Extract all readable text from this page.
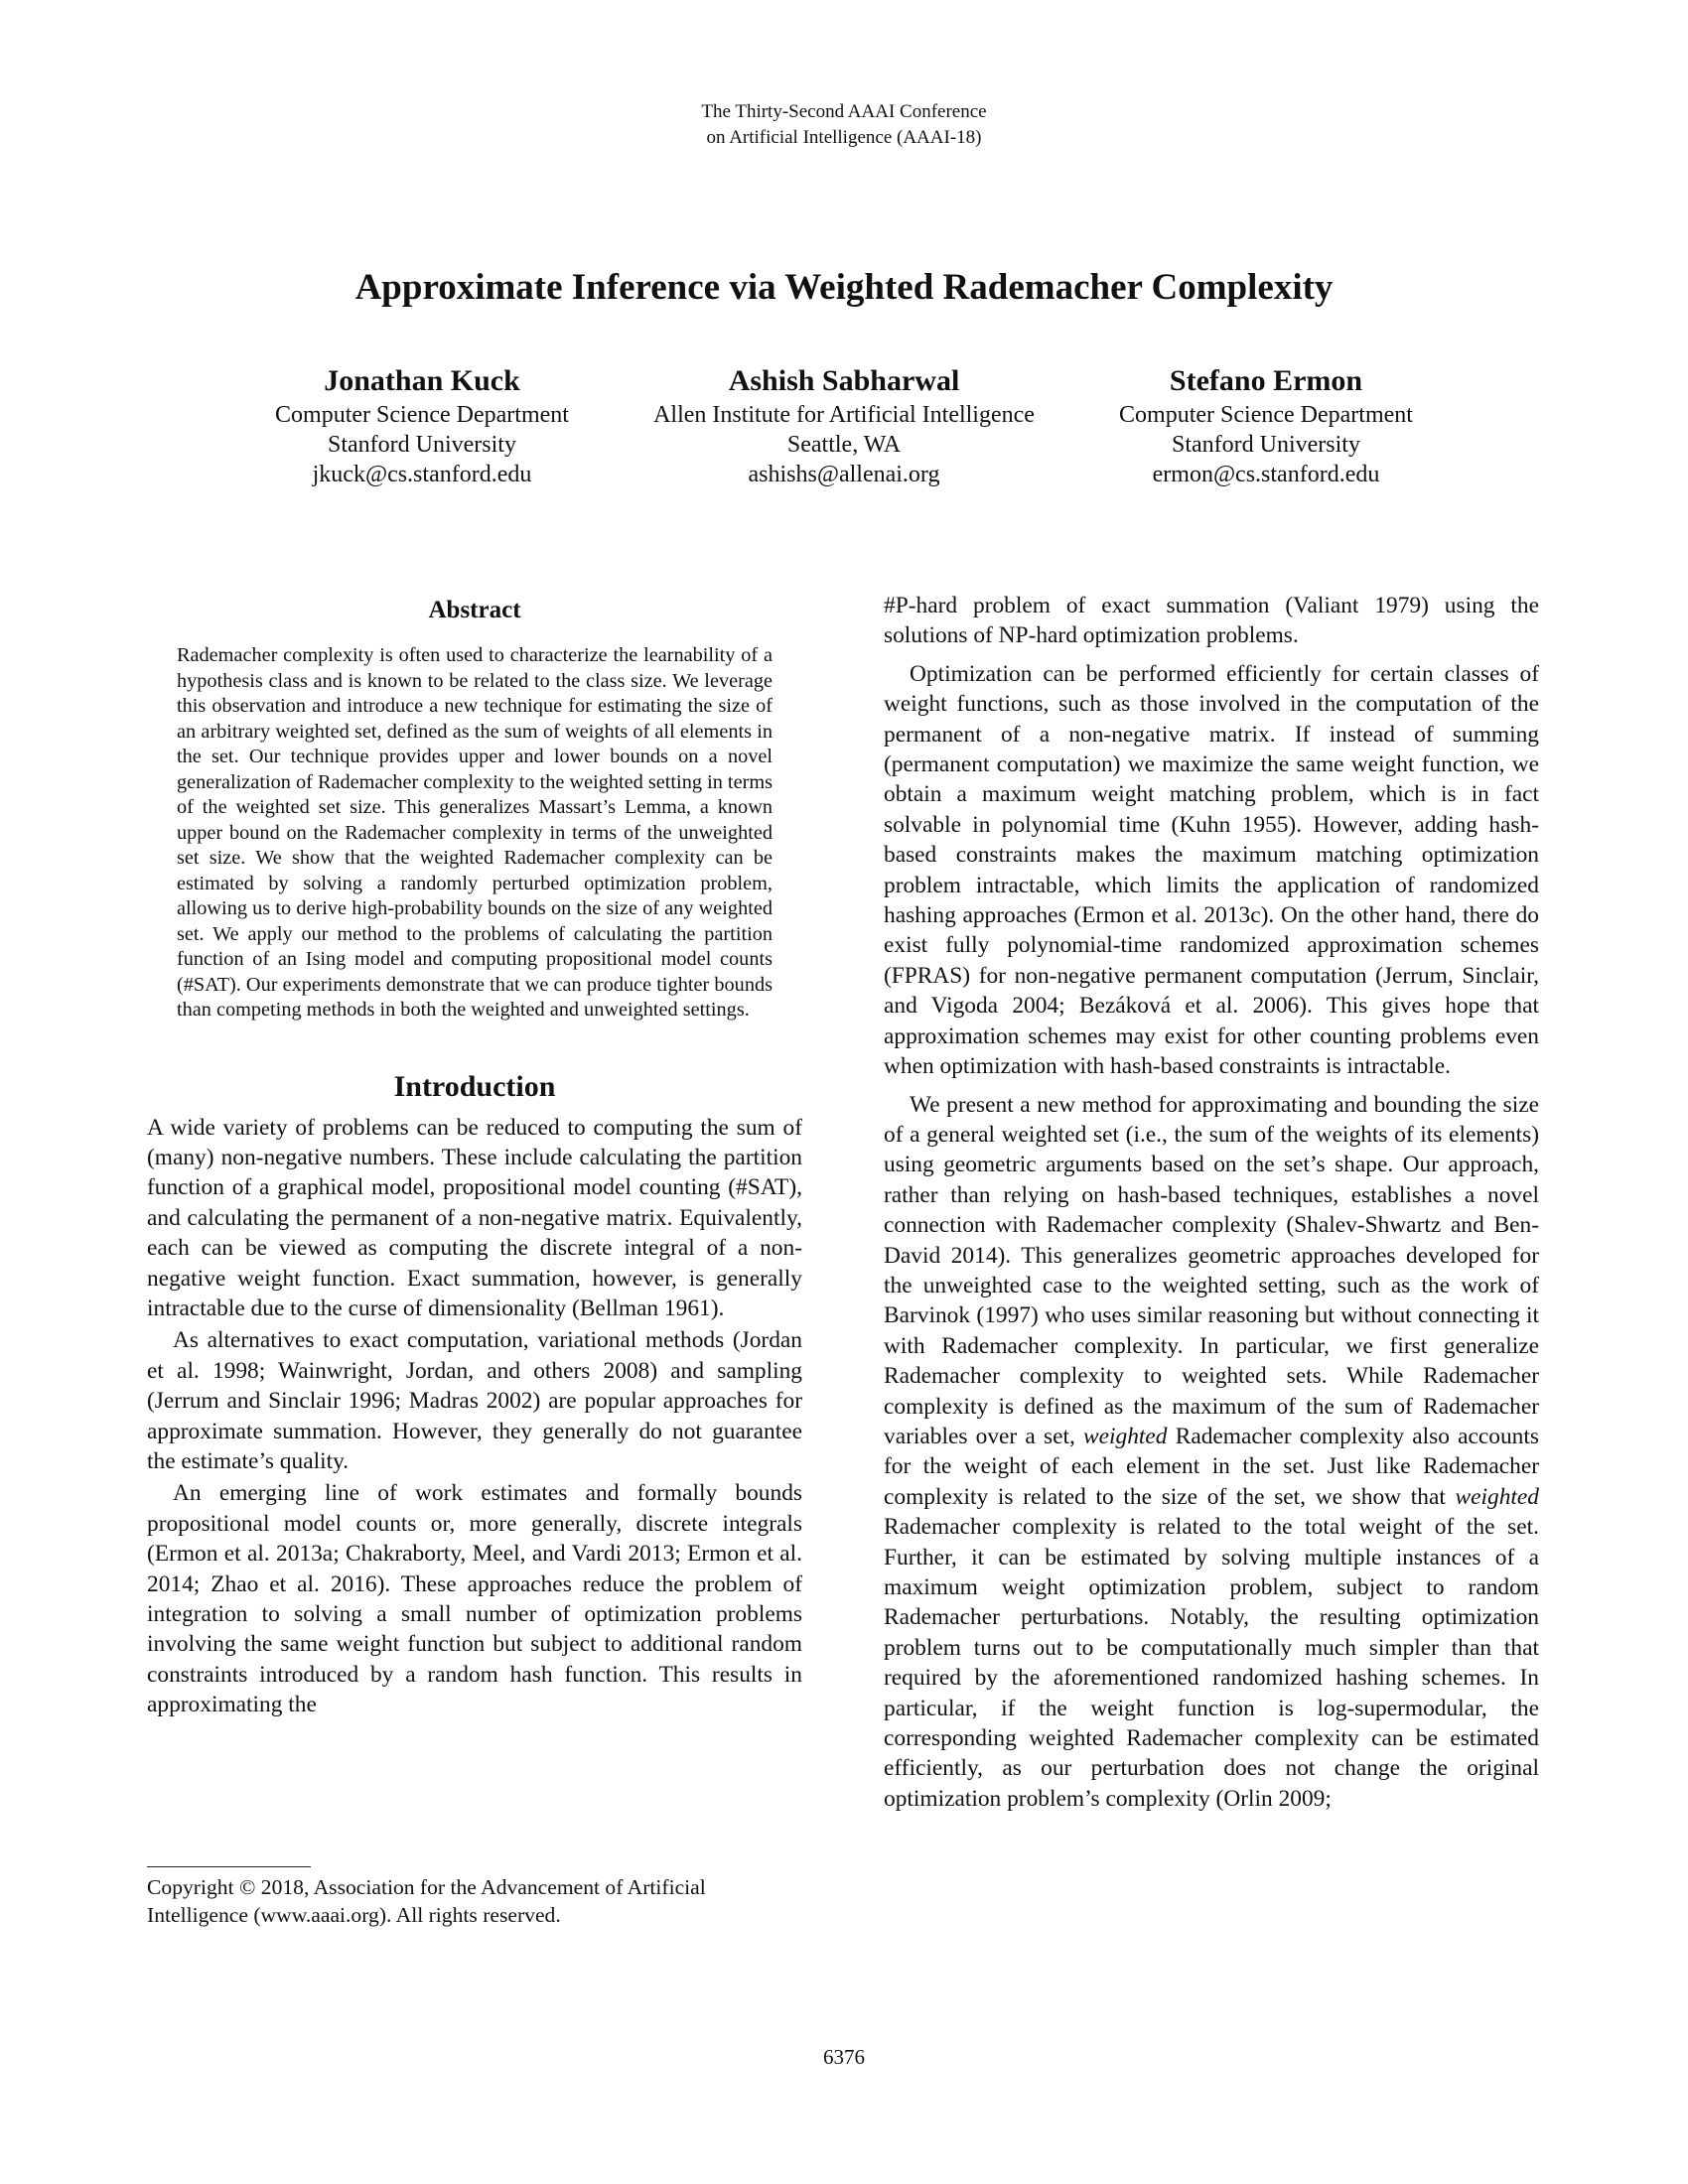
The Thirty-Second AAAI Conference
on Artificial Intelligence (AAAI-18)
Approximate Inference via Weighted Rademacher Complexity
Jonathan Kuck
Computer Science Department
Stanford University
jkuck@cs.stanford.edu
Ashish Sabharwal
Allen Institute for Artificial Intelligence
Seattle, WA
ashishs@allenai.org
Stefano Ermon
Computer Science Department
Stanford University
ermon@cs.stanford.edu
Abstract

Rademacher complexity is often used to characterize the learnability of a hypothesis class and is known to be related to the class size. We leverage this observation and introduce a new technique for estimating the size of an arbitrary weighted set, defined as the sum of weights of all elements in the set. Our technique provides upper and lower bounds on a novel generalization of Rademacher complexity to the weighted setting in terms of the weighted set size. This generalizes Massart’s Lemma, a known upper bound on the Rademacher complexity in terms of the unweighted set size. We show that the weighted Rademacher complexity can be estimated by solving a randomly perturbed optimization problem, allowing us to derive high-probability bounds on the size of any weighted set. We apply our method to the problems of calculating the partition function of an Ising model and computing propositional model counts (#SAT). Our experiments demonstrate that we can produce tighter bounds than competing methods in both the weighted and unweighted settings.

Introduction

A wide variety of problems can be reduced to computing the sum of (many) non-negative numbers. These include calculating the partition function of a graphical model, propositional model counting (#SAT), and calculating the permanent of a non-negative matrix. Equivalently, each can be viewed as computing the discrete integral of a non-negative weight function. Exact summation, however, is generally intractable due to the curse of dimensionality (Bellman 1961).

As alternatives to exact computation, variational methods (Jordan et al. 1998; Wainwright, Jordan, and others 2008) and sampling (Jerrum and Sinclair 1996; Madras 2002) are popular approaches for approximate summation. However, they generally do not guarantee the estimate’s quality.

An emerging line of work estimates and formally bounds propositional model counts or, more generally, discrete integrals (Ermon et al. 2013a; Chakraborty, Meel, and Vardi 2013; Ermon et al. 2014; Zhao et al. 2016). These approaches reduce the problem of integration to solving a small number of optimization problems involving the same weight function but subject to additional random constraints introduced by a random hash function. This results in approximating the

Copyright © 2018, Association for the Advancement of Artificial
Intelligence (www.aaai.org). All rights reserved.

#P-hard problem of exact summation (Valiant 1979) using the solutions of NP-hard optimization problems.

Optimization can be performed efficiently for certain classes of weight functions, such as those involved in the computation of the permanent of a non-negative matrix. If instead of summing (permanent computation) we maximize the same weight function, we obtain a maximum weight matching problem, which is in fact solvable in polynomial time (Kuhn 1955). However, adding hash-based constraints makes the maximum matching optimization problem intractable, which limits the application of randomized hashing approaches (Ermon et al. 2013c). On the other hand, there do exist fully polynomial-time randomized approximation schemes (FPRAS) for non-negative permanent computation (Jerrum, Sinclair, and Vigoda 2004; Bezáková et al. 2006). This gives hope that approximation schemes may exist for other counting problems even when optimization with hash-based constraints is intractable.

We present a new method for approximating and bounding the size of a general weighted set (i.e., the sum of the weights of its elements) using geometric arguments based on the set’s shape. Our approach, rather than relying on hash-based techniques, establishes a novel connection with Rademacher complexity (Shalev-Shwartz and Ben-David 2014). This generalizes geometric approaches developed for the unweighted case to the weighted setting, such as the work of Barvinok (1997) who uses similar reasoning but without connecting it with Rademacher complexity. In particular, we first generalize Rademacher complexity to weighted sets. While Rademacher complexity is defined as the maximum of the sum of Rademacher variables over a set, weighted Rademacher complexity also accounts for the weight of each element in the set. Just like Rademacher complexity is related to the size of the set, we show that weighted Rademacher complexity is related to the total weight of the set. Further, it can be estimated by solving multiple instances of a maximum weight optimization problem, subject to random Rademacher perturbations. Notably, the resulting optimization problem turns out to be computationally much simpler than that required by the aforementioned randomized hashing schemes. In particular, if the weight function is log-supermodular, the corresponding weighted Rademacher complexity can be estimated efficiently, as our perturbation does not change the original optimization problem’s complexity (Orlin 2009;

6376
